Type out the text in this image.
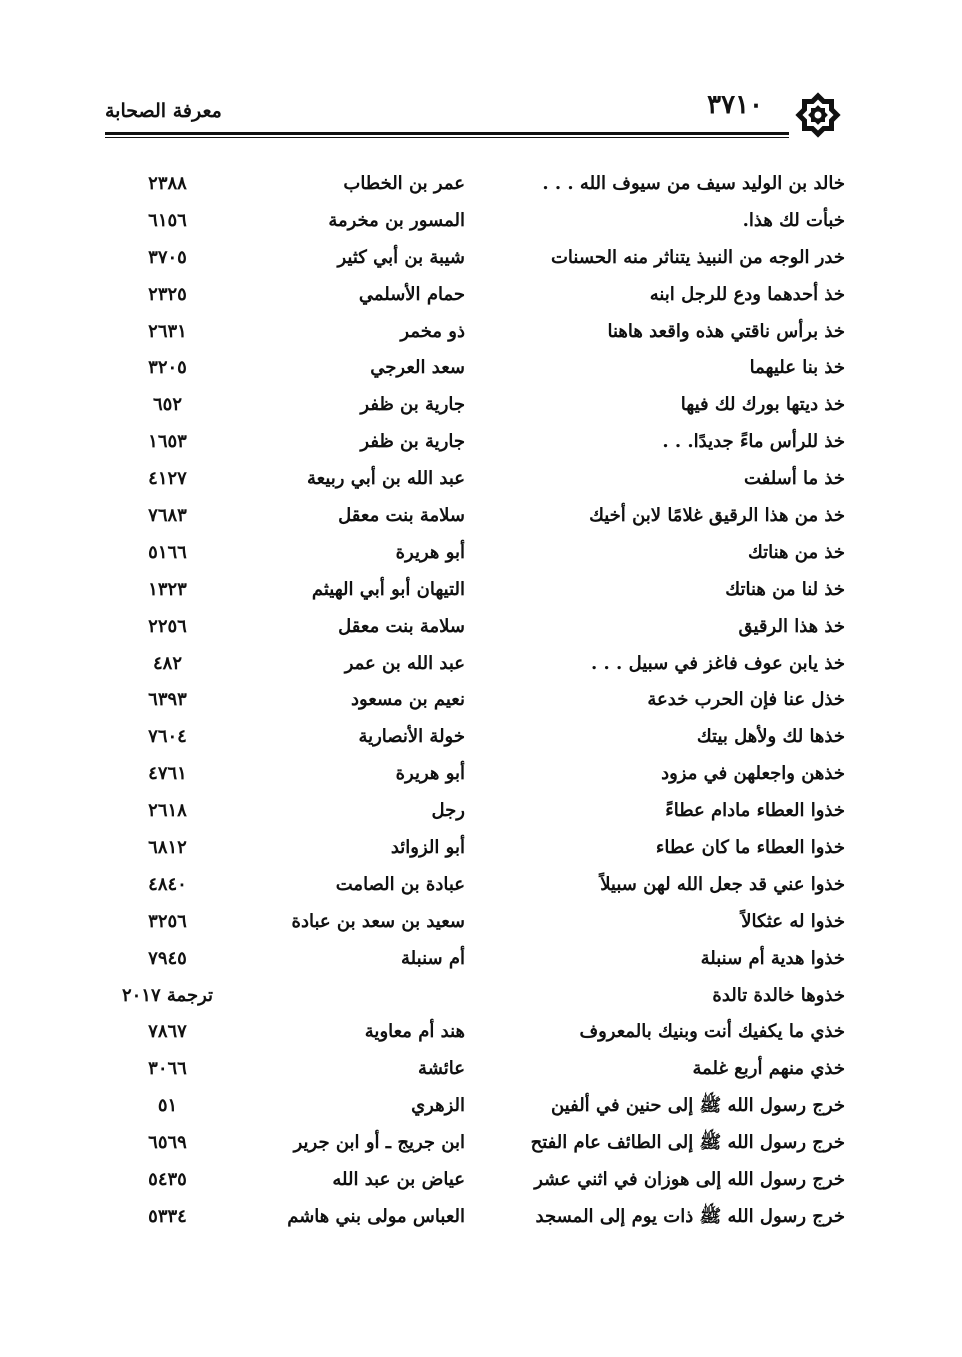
معرفة الصحابة	٣٧١٠
خالد بن الوليد سيف من سيوف الله . . .
عمر بن الخطاب
٢٣٨٨
خبأت لك هذا.
المسور بن مخرمة
٦١٥٦
خدر الوجه من النبيذ يتناثر منه الحسنات
شيبة بن أبي كثير
٣٧٠٥
خذ أحدهما ودع للرجل ابنه
حمام الأسلمي
٢٣٢٥
خذ برأس ناقتي هذه واقعد هاهنا
ذو مخمر
٢٦٣١
خذ بنا عليهما
سعد العرجي
٣٢٠٥
خذ ديتها بورك لك فيها
جارية بن ظفر
٦٥٢
خذ للرأس ماءً جديدًا. . .
جارية بن ظفر
١٦٥٣
خذ ما أسلفت
عبد الله بن أبي ربيعة
٤١٢٧
خذ من هذا الرقيق غلامًا لابن أخيك
سلامة بنت معقل
٧٦٨٣
خذ من هناتك
أبو هريرة
٥١٦٦
خذ لنا من هناتك
التيهان أبو أبي الهيثم
١٣٢٣
خذ هذا الرقيق
سلامة بنت معقل
٢٢٥٦
خذ يابن عوف فاغز في سبيل . . .
عبد الله بن عمر
٤٨٢
خذل عنا فإن الحرب خدعة
نعيم بن مسعود
٦٣٩٣
خذها لك ولأهل بيتك
خولة الأنصارية
٧٦٠٤
خذهن واجعلهن في مزود
أبو هريرة
٤٧٦١
خذوا العطاء مادام عطاءً
رجل
٢٦١٨
خذوا العطاء ما كان عطاء
أبو الزوائد
٦٨١٢
خذوا عني قد جعل الله لهن سبيلاً
عبادة بن الصامت
٤٨٤٠
خذوا له عثكالاً
سعيد بن سعد بن عبادة
٣٢٥٦
خذوا هدية أم سنبلة
أم سنبلة
٧٩٤٥
خذوها خالدة تالدة
ترجمة ٢٠١٧
خذي ما يكفيك أنت وبنيك بالمعروف
هند أم معاوية
٧٨٦٧
خذي منهم أربع غلمة
عائشة
٣٠٦٦
خرج رسول الله ﷺ إلى حنين في ألفين
الزهري
٥١
خرج رسول الله ﷺ إلى الطائف عام الفتح
ابن جريج ـ أو ابن جرير
٦٥٦٩
خرج رسول الله إلى هوزان في اثني عشر
عياض بن عبد الله
٥٤٣٥
خرج رسول الله ﷺ ذات يوم إلى المسجد
العباس مولى بني هاشم
٥٣٣٤
